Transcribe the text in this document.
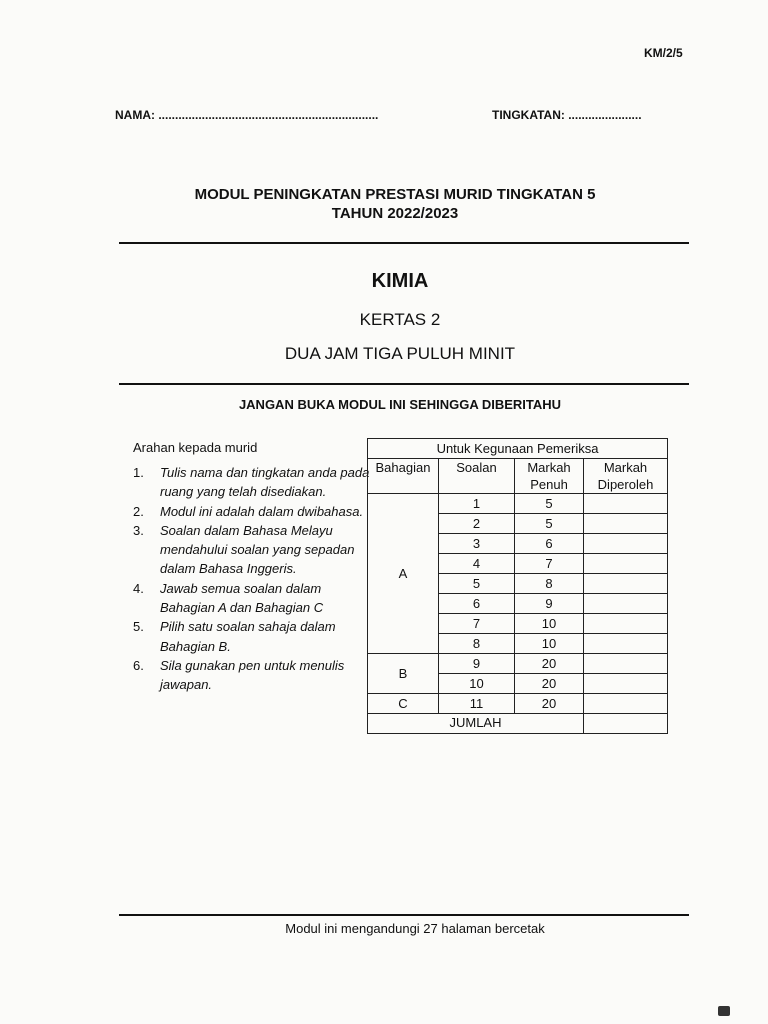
KM/2/5
NAMA: ..................................................................	TINGKATAN: ......................
MODUL PENINGKATAN PRESTASI MURID TINGKATAN 5
TAHUN 2022/2023
KIMIA
KERTAS 2
DUA JAM TIGA PULUH MINIT
JANGAN BUKA MODUL INI SEHINGGA DIBERITAHU
Arahan kepada murid
1.	Tulis nama dan tingkatan anda pada ruang yang telah disediakan.
2.	Modul ini adalah dalam dwibahasa.
3.	Soalan dalam Bahasa Melayu mendahului soalan yang sepadan dalam Bahasa Inggeris.
4.	Jawab semua soalan dalam Bahagian A dan Bahagian C
5.	Pilih satu soalan sahaja dalam Bahagian B.
6.	Sila gunakan pen untuk menulis jawapan.
Untuk Kegunaan Pemeriksa			
Bahagian	Soalan	Markah Penuh	Markah Diperoleh
A	1	5	
	2	5	
	3	6	
	4	7	
	5	8	
	6	9	
	7	10	
	8	10	
B	9	20	
	10	20	
C	11	20	
JUMLAH			
Modul ini mengandungi 27 halaman bercetak
